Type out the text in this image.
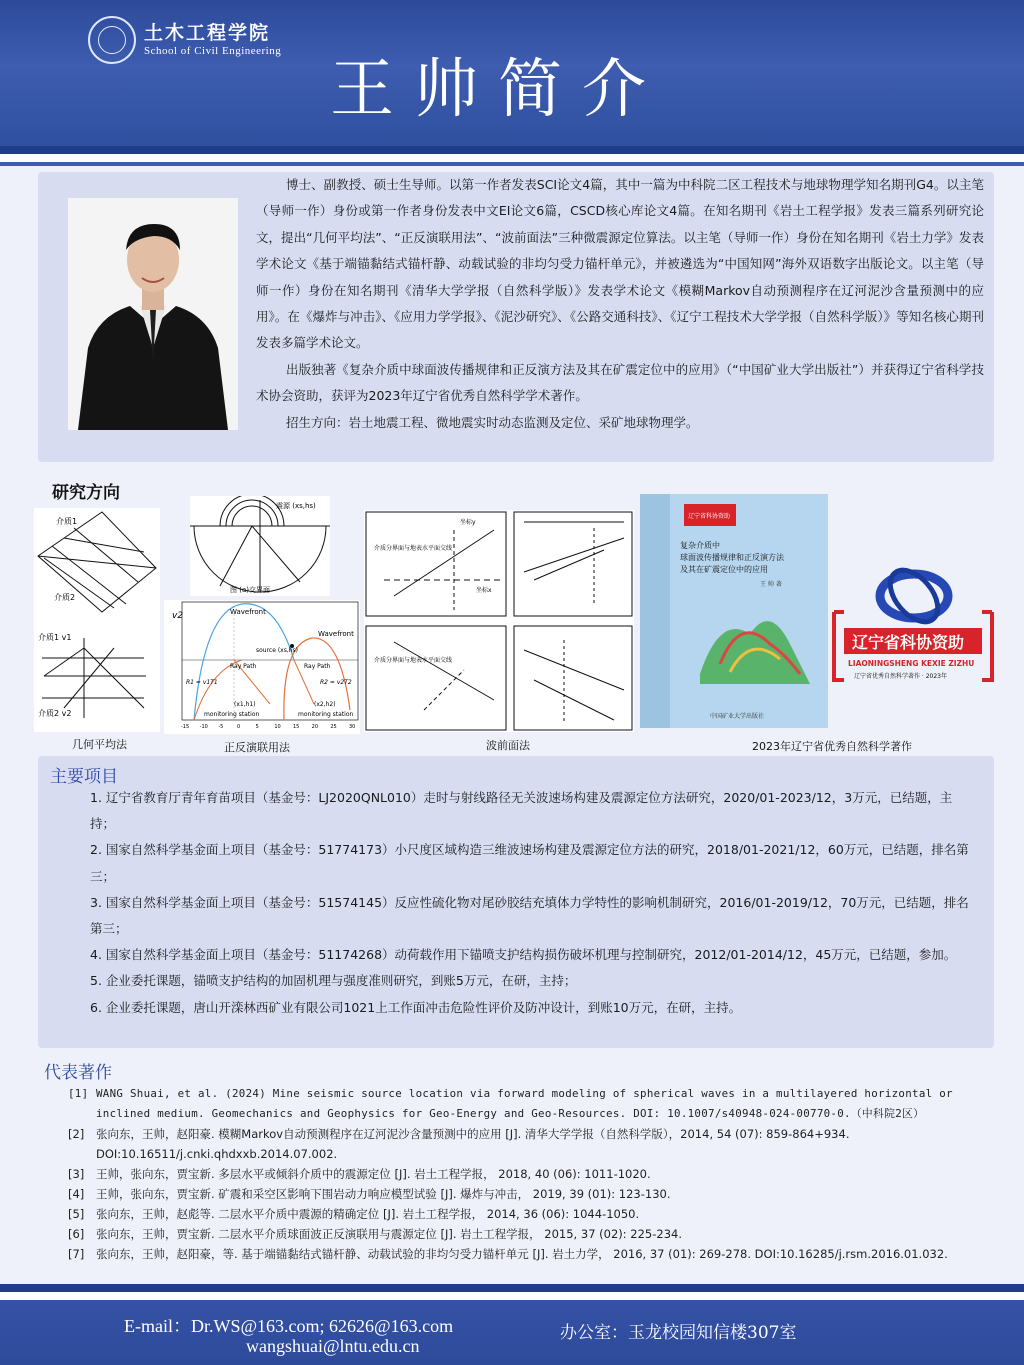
土木工程学院
School of Civil Engineering
王帅简介

博士、副教授、硕士生导师。以第一作者发表SCI论文4篇，其中一篇为中科院二区工程技术与地球物理学知名期刊G4。以主笔（导师一作）身份或第一作者身份发表中文EI论文6篇，CSCD核心库论文4篇。在知名期刊《岩土工程学报》发表三篇系列研究论文，提出“几何平均法”、“正反演联用法”、“波前面法”三种微震源定位算法。以主笔（导师一作）身份在知名期刊《岩土力学》发表学术论文《基于端锚黏结式锚杆静、动载试验的非均匀受力锚杆单元》，并被遴选为“中国知网”海外双语数字出版论文。以主笔（导师一作）身份在知名期刊《清华大学学报（自然科学版）》发表学术论文《模糊Markov自动预测程序在辽河泥沙含量预测中的应用》。在《爆炸与冲击》、《应用力学学报》、《泥沙研究》、《公路交通科技》、《辽宁工程技术大学学报（自然科学版）》等知名核心期刊发表多篇学术论文。

出版独著《复杂介质中球面波传播规律和正反演方法及其在矿震定位中的应用》（“中国矿业大学出版社”）并获得辽宁省科学技术协会资助，获评为2023年辽宁省优秀自然科学学术著作。

招生方向：岩土地震工程、微地震实时动态监测及定位、采矿地球物理学。

研究方向
介质1
介质2
介质1 v1
介质2 v2
几何平均法
震源 (xs,hs)
图 (a)交界面
v2	Wavefront
Wavefront
source (xs,hs)
Ray Path	Ray Path
R1 = v1T1	R2 = v2T2
(x1,h1)	(x2,h2)
monitoring station	monitoring station
-15 -10 -5	0	5	10 15 20 25 30
正反演联用法
介质分界面与地表水平面交线
介质分界面与地表水平面交线
坐标y
坐标x
波前面法
辽宁省科协资助
复杂介质中
球面波传播规律和正反演方法
及其在矿震定位中的应用
王 帅 著
中国矿业大学出版社
辽宁省科协资助
LIAONINGSHENG KEXIE ZIZHU
辽宁省优秀自然科学著作 · 2023年
2023年辽宁省优秀自然科学著作
主要项目

1. 辽宁省教育厅青年育苗项目（基金号：LJ2020QNL010）走时与射线路径无关波速场构建及震源定位方法研究，2020/01-2023/12，3万元，已结题，主持；

2. 国家自然科学基金面上项目（基金号：51774173）小尺度区域构造三维波速场构建及震源定位方法的研究，2018/01-2021/12，60万元，已结题，排名第三；

3. 国家自然科学基金面上项目（基金号：51574145）反应性硫化物对尾砂胶结充填体力学特性的影响机制研究，2016/01-2019/12，70万元，已结题，排名第三；

4. 国家自然科学基金面上项目（基金号：51174268）动荷载作用下锚喷支护结构损伤破坏机理与控制研究，2012/01-2014/12，45万元，已结题，参加。

5. 企业委托课题，锚喷支护结构的加固机理与强度准则研究，到账5万元，在研，主持；

6. 企业委托课题，唐山开滦林西矿业有限公司1021上工作面冲击危险性评价及防冲设计，到账10万元，在研，主持。

代表著作

[1] WANG Shuai, et al. (2024) Mine seismic source location via forward modeling of spherical waves in a multilayered horizontal or inclined medium. Geomechanics and Geophysics for Geo-Energy and Geo-Resources. DOI: 10.1007/s40948-024-00770-0.（中科院2区）

[2] 张向东，王帅，赵阳豪. 模糊Markov自动预测程序在辽河泥沙含量预测中的应用 [J]. 清华大学学报（自然科学版），2014, 54 (07): 859-864+934. DOI:10.16511/j.cnki.qhdxxb.2014.07.002.

[3] 王帅，张向东，贾宝新. 多层水平或倾斜介质中的震源定位 [J]. 岩土工程学报， 2018, 40 (06): 1011-1020.

[4] 王帅，张向东，贾宝新. 矿震和采空区影响下围岩动力响应模型试验 [J]. 爆炸与冲击， 2019, 39 (01): 123-130.

[5] 张向东，王帅，赵彪等. 二层水平介质中震源的精确定位 [J]. 岩土工程学报， 2014, 36 (06): 1044-1050.

[6] 张向东，王帅，贾宝新. 二层水平介质球面波正反演联用与震源定位 [J]. 岩土工程学报， 2015, 37 (02): 225-234.

[7] 张向东，王帅，赵阳豪，等. 基于端锚黏结式锚杆静、动载试验的非均匀受力锚杆单元 [J]. 岩土力学， 2016, 37 (01): 269-278. DOI:10.16285/j.rsm.2016.01.032.

E-mail：Dr.WS@163.com; 62626@163.com
wangshuai@lntu.edu.cn
办公室：玉龙校园知信楼307室
